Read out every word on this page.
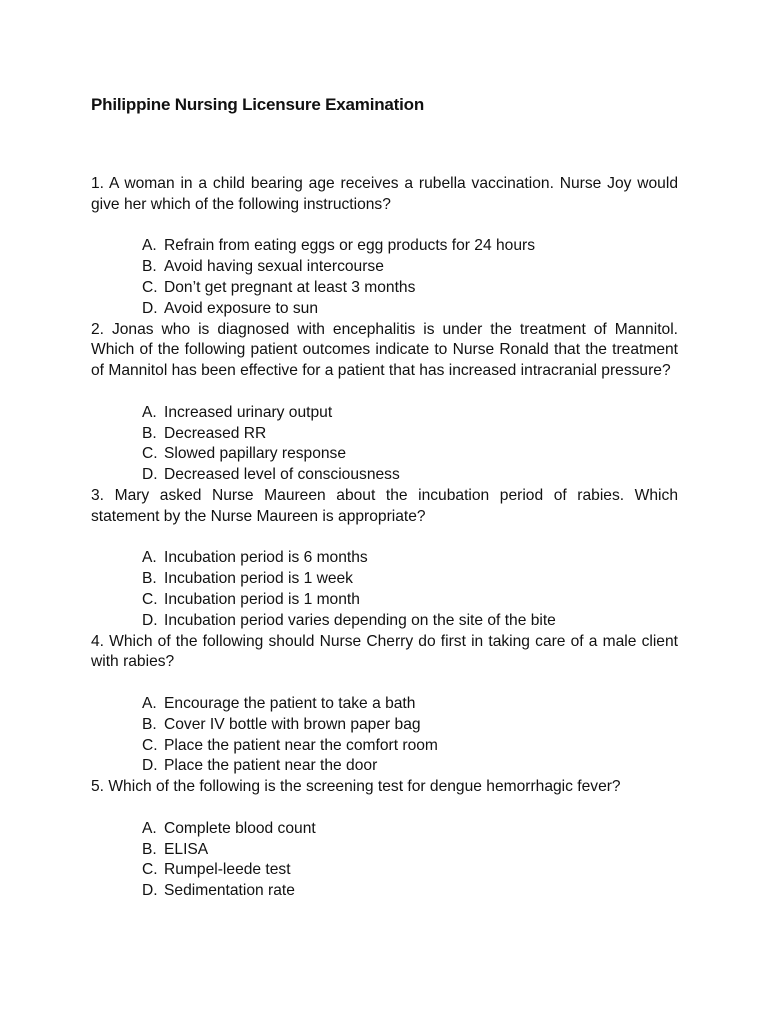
Philippine Nursing Licensure Examination

1. A woman in a child bearing age receives a rubella vaccination. Nurse Joy would give her which of the following instructions?

A. Refrain from eating eggs or egg products for 24 hours
B. Avoid having sexual intercourse
C. Don’t get pregnant at least 3 months
D. Avoid exposure to sun

2. Jonas who is diagnosed with encephalitis is under the treatment of Mannitol. Which of the following patient outcomes indicate to Nurse Ronald that the treatment of Mannitol has been effective for a patient that has increased intracranial pressure?

A. Increased urinary output
B. Decreased RR
C. Slowed papillary response
D. Decreased level of consciousness

3. Mary asked Nurse Maureen about the incubation period of rabies. Which statement by the Nurse Maureen is appropriate?

A. Incubation period is 6 months
B. Incubation period is 1 week
C. Incubation period is 1 month
D. Incubation period varies depending on the site of the bite

4. Which of the following should Nurse Cherry do first in taking care of a male client with rabies?

A. Encourage the patient to take a bath
B. Cover IV bottle with brown paper bag
C. Place the patient near the comfort room
D. Place the patient near the door

5. Which of the following is the screening test for dengue hemorrhagic fever?

A. Complete blood count
B. ELISA
C. Rumpel-leede test
D. Sedimentation rate
